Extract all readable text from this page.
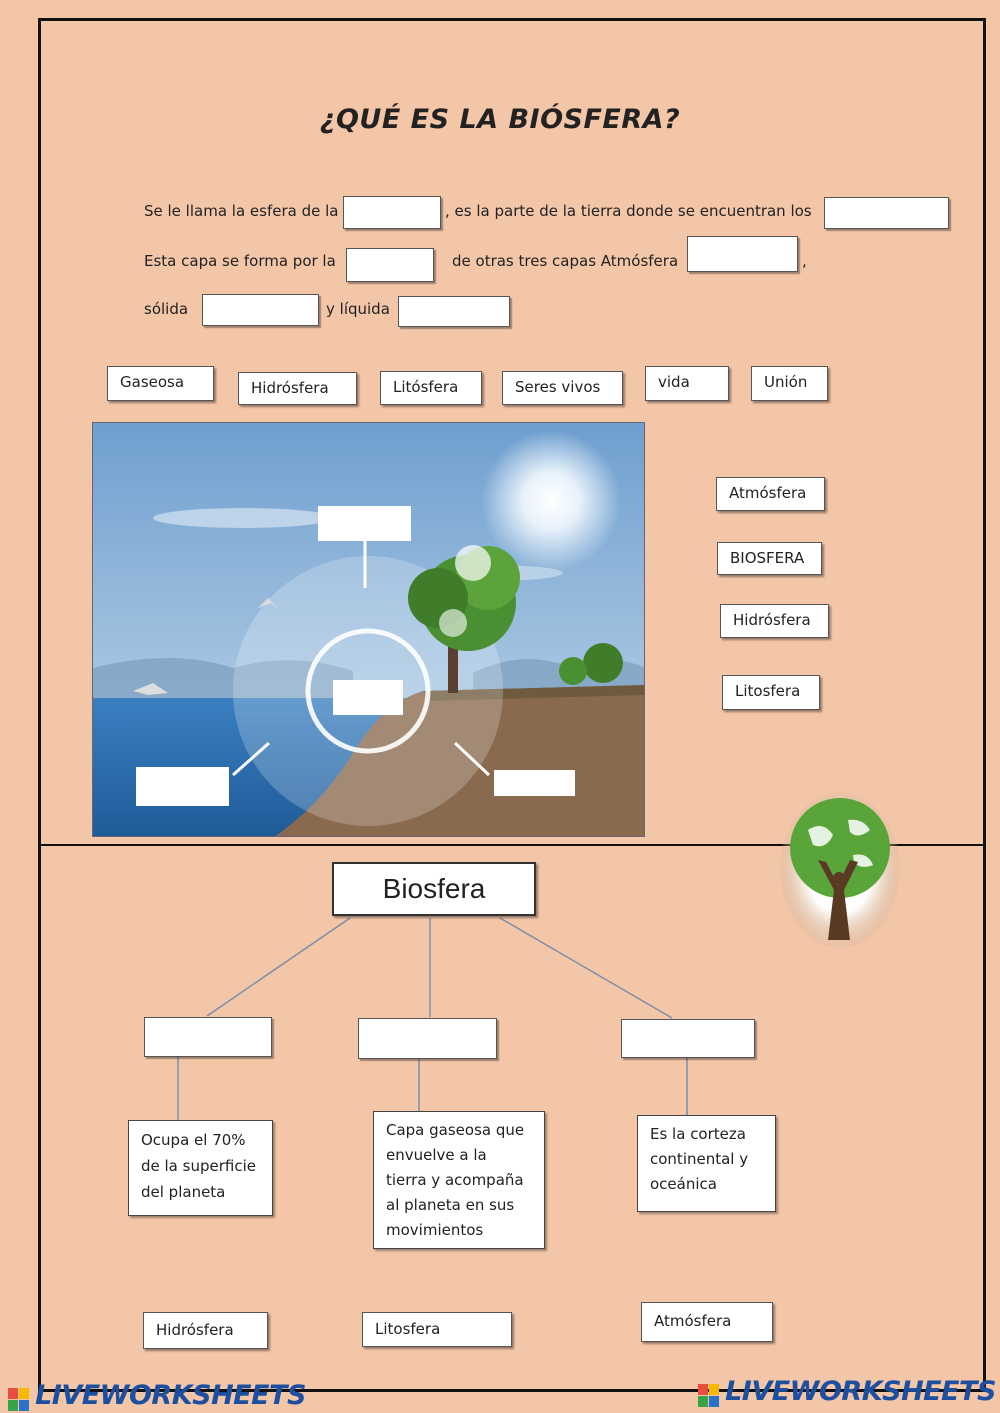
¿QUÉ ES LA BIÓSFERA?
Se le llama la esfera de la	, es la parte de la tierra donde se encuentran los
Esta capa se forma por la	de otras tres capas Atmósfera	,
sólida	y líquida
Gaseosa	Hidrósfera	Litósfera	Seres vivos	vida	Unión
Atmósfera
BIOSFERA
Hidrósfera
Litosfera
Biosfera
Ocupa el 70%
de la superficie
del planeta
Capa gaseosa que
envuelve a la
tierra y acompaña
al planeta en sus
movimientos
Es la corteza
continental y
oceánica
Hidrósfera	Litosfera	Atmósfera
LIVEWORKSHEETS	LIVEWORKSHEETS
